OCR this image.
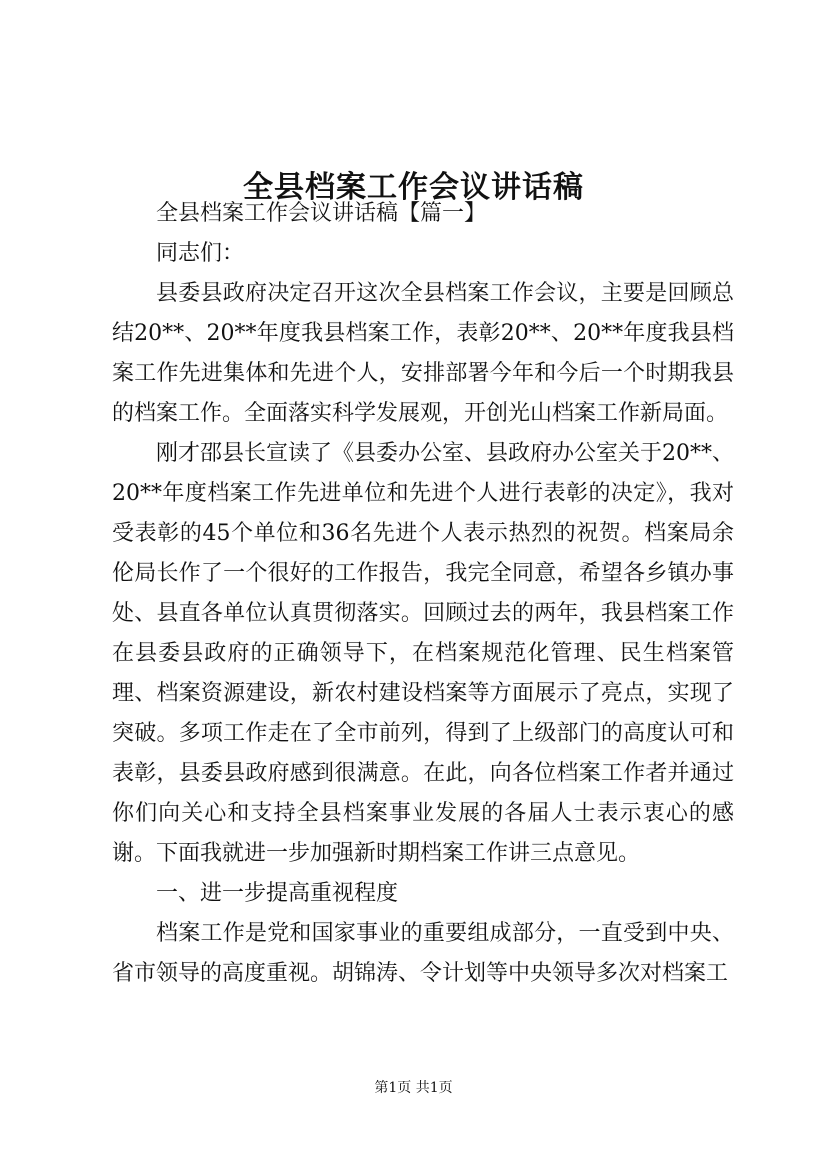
全县档案工作会议讲话稿

全县档案工作会议讲话稿【篇一】

同志们：

县委县政府决定召开这次全县档案工作会议，主要是回顾总结20**、20**年度我县档案工作，表彰20**、20**年度我县档案工作先进集体和先进个人，安排部署今年和今后一个时期我县的档案工作。全面落实科学发展观，开创光山档案工作新局面。

刚才邵县长宣读了《县委办公室、县政府办公室关于20**、20**年度档案工作先进单位和先进个人进行表彰的决定》，我对受表彰的45个单位和36名先进个人表示热烈的祝贺。档案局余伦局长作了一个很好的工作报告，我完全同意，希望各乡镇办事处、县直各单位认真贯彻落实。回顾过去的两年，我县档案工作在县委县政府的正确领导下，在档案规范化管理、民生档案管理、档案资源建设，新农村建设档案等方面展示了亮点，实现了突破。多项工作走在了全市前列，得到了上级部门的高度认可和表彰，县委县政府感到很满意。在此，向各位档案工作者并通过你们向关心和支持全县档案事业发展的各届人士表示衷心的感谢。下面我就进一步加强新时期档案工作讲三点意见。

一、进一步提高重视程度

档案工作是党和国家事业的重要组成部分，一直受到中央、省市领导的高度重视。胡锦涛、令计划等中央领导多次对档案工

第1页 共1页
